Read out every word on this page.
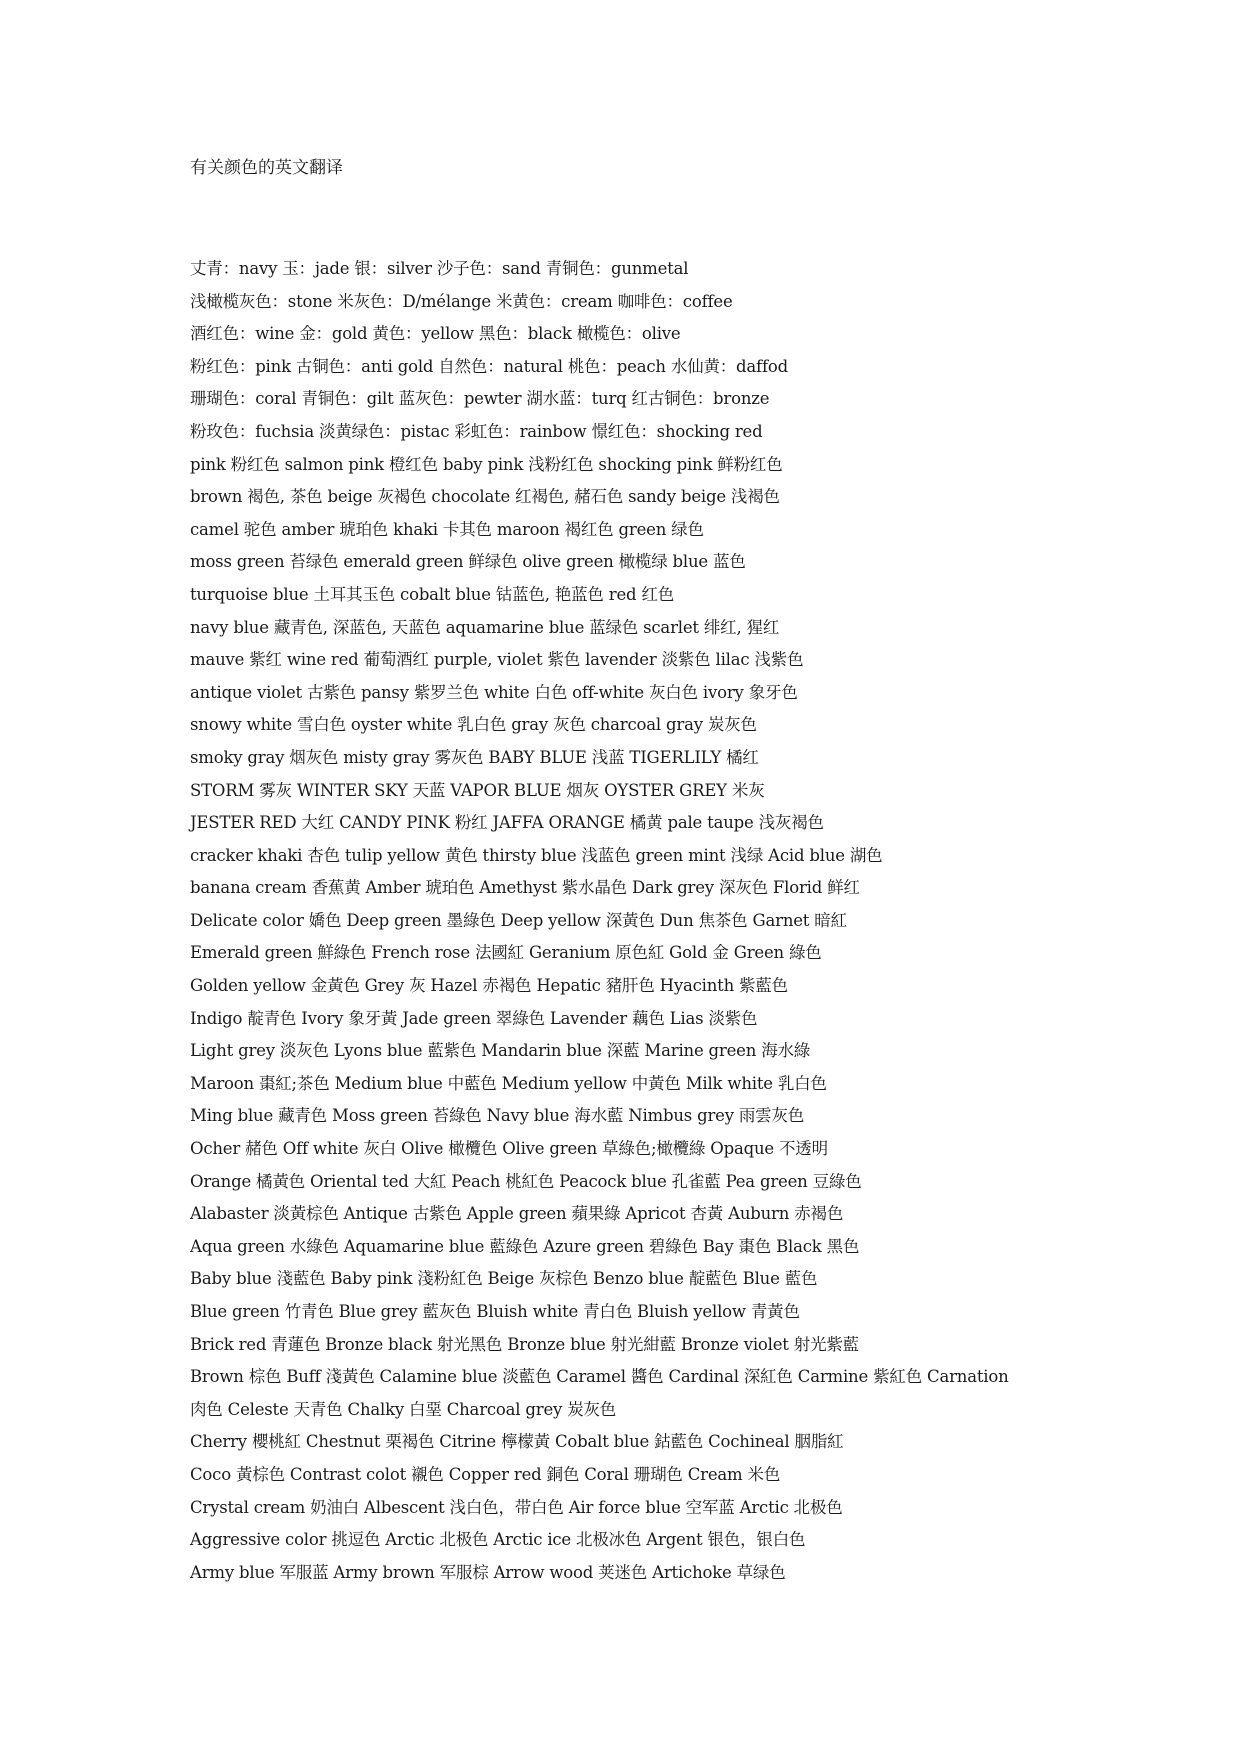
有关颜色的英文翻译
丈青：navy 玉：jade 银：silver 沙子色：sand 青铜色：gunmetal
浅橄榄灰色：stone 米灰色：D/mélange 米黄色：cream 咖啡色：coffee
酒红色：wine 金：gold 黄色：yellow 黑色：black 橄榄色：olive
粉红色：pink 古铜色：anti gold 自然色：natural 桃色：peach 水仙黄：daffod
珊瑚色：coral 青铜色：gilt 蓝灰色：pewter 湖水蓝：turq 红古铜色：bronze
粉玫色：fuchsia 淡黄绿色：pistac 彩虹色：rainbow 憬红色：shocking red
pink 粉红色 salmon pink 橙红色 baby pink 浅粉红色 shocking pink 鲜粉红色
brown 褐色, 茶色 beige 灰褐色 chocolate 红褐色, 赭石色 sandy beige 浅褐色
camel 驼色 amber 琥珀色 khaki 卡其色 maroon 褐红色 green 绿色
moss green 苔绿色 emerald green 鲜绿色 olive green 橄榄绿 blue 蓝色
turquoise blue 土耳其玉色 cobalt blue 钴蓝色, 艳蓝色 red 红色
navy blue 藏青色, 深蓝色, 天蓝色 aquamarine blue 蓝绿色 scarlet 绯红, 猩红
mauve 紫红 wine red 葡萄酒红 purple, violet 紫色 lavender 淡紫色 lilac 浅紫色
antique violet 古紫色 pansy 紫罗兰色 white 白色 off-white 灰白色 ivory 象牙色
snowy white 雪白色 oyster white 乳白色 gray 灰色 charcoal gray 炭灰色
smoky gray 烟灰色 misty gray 雾灰色 BABY BLUE 浅蓝 TIGERLILY 橘红
STORM 雾灰 WINTER SKY 天蓝 VAPOR BLUE 烟灰 OYSTER GREY 米灰
JESTER RED 大红 CANDY PINK 粉红 JAFFA ORANGE 橘黄 pale taupe 浅灰褐色
cracker khaki 杏色 tulip yellow 黄色 thirsty blue 浅蓝色 green mint 浅绿 Acid blue 湖色
banana cream 香蕉黄 Amber 琥珀色 Amethyst 紫水晶色 Dark grey 深灰色 Florid 鲜红
Delicate color 嬌色 Deep green 墨綠色 Deep yellow 深黃色 Dun 焦茶色 Garnet 暗紅
Emerald green 鮮綠色 French rose 法國紅 Geranium 原色紅 Gold 金 Green 綠色
Golden yellow 金黃色 Grey 灰 Hazel 赤褐色 Hepatic 豬肝色 Hyacinth 紫藍色
Indigo 靛青色 Ivory 象牙黃 Jade green 翠綠色 Lavender 藕色 Lias 淡紫色
Light grey 淡灰色 Lyons blue 藍紫色 Mandarin blue 深藍 Marine green 海水綠
Maroon 棗紅;茶色 Medium blue 中藍色 Medium yellow 中黃色 Milk white 乳白色
Ming blue 藏青色 Moss green 苔綠色 Navy blue 海水藍 Nimbus grey 雨雲灰色
Ocher 赭色 Off white 灰白 Olive 橄欖色 Olive green 草綠色;橄欖綠 Opaque 不透明
Orange 橘黃色 Oriental ted 大紅 Peach 桃紅色 Peacock blue 孔雀藍 Pea green 豆綠色
Alabaster 淡黃棕色 Antique 古紫色 Apple green 蘋果綠 Apricot 杏黃 Auburn 赤褐色
Aqua green 水綠色 Aquamarine blue 藍綠色 Azure green 碧綠色 Bay 棗色 Black 黑色
Baby blue 淺藍色 Baby pink 淺粉紅色 Beige 灰棕色 Benzo blue 靛藍色 Blue 藍色
Blue green 竹青色 Blue grey 藍灰色 Bluish white 青白色 Bluish yellow 青黃色
Brick red 青蓮色 Bronze black 射光黑色 Bronze blue 射光紺藍 Bronze violet 射光紫藍
Brown 棕色 Buff 淺黃色 Calamine blue 淡藍色 Caramel 醬色 Cardinal 深紅色 Carmine 紫紅色 Carnation
肉色 Celeste 天青色 Chalky 白堊 Charcoal grey 炭灰色
Cherry 櫻桃紅 Chestnut 栗褐色 Citrine 檸檬黃 Cobalt blue 鈷藍色 Cochineal 胭脂紅
Coco 黃棕色 Contrast colot 襯色 Copper red 銅色 Coral 珊瑚色 Cream 米色
Crystal cream 奶油白 Albescent 浅白色，带白色 Air force blue 空军蓝 Arctic 北极色
Aggressive color 挑逗色 Arctic 北极色 Arctic ice 北极冰色 Argent 银色，银白色
Army blue 军服蓝 Army brown 军服棕 Arrow wood 荚迷色 Artichoke 草绿色
